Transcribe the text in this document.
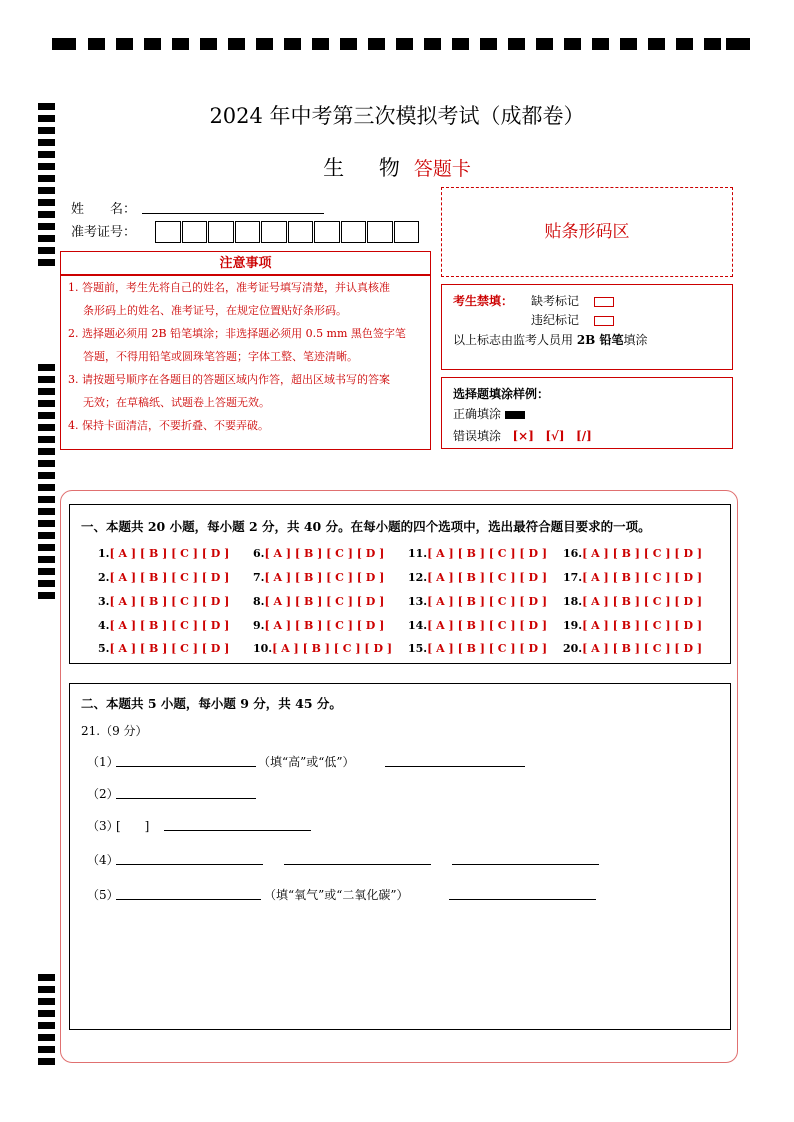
2024 年中考第三次模拟考试（成都卷）
生 物答题卡
姓　　名：
准考证号：
注意事项

1. 答题前，考生先将自己的姓名，准考证号填写清楚，并认真核准

条形码上的姓名、准考证号，在规定位置贴好条形码。

2. 选择题必须用 2B 铅笔填涂；非选择题必须用 0.5 mm 黑色签字笔

答题，不得用铅笔或圆珠笔答题；字体工整、笔迹清晰。

3. 请按题号顺序在各题目的答题区域内作答，超出区域书写的答案

无效；在草稿纸、试题卷上答题无效。

4. 保持卡面清洁，不要折叠、不要弄破。

贴条形码区
考生禁填： 缺考标记
违纪标记
以上标志由监考人员用 2B 铅笔填涂
选择题填涂样例：
正确填涂
错误填涂 [×] [√] [/]
一、本题共 20 小题，每小题 2 分，共 40 分。在每小题的四个选项中，选出最符合题目要求的一项。
1.[ A ] [ B ] [ C ] [ D ]
2.[ A ] [ B ] [ C ] [ D ]
3.[ A ] [ B ] [ C ] [ D ]
4.[ A ] [ B ] [ C ] [ D ]
5.[ A ] [ B ] [ C ] [ D ]
6.[ A ] [ B ] [ C ] [ D ]
7.[ A ] [ B ] [ C ] [ D ]
8.[ A ] [ B ] [ C ] [ D ]
9.[ A ] [ B ] [ C ] [ D ]
10.[ A ] [ B ] [ C ] [ D ]
11.[ A ] [ B ] [ C ] [ D ]
12.[ A ] [ B ] [ C ] [ D ]
13.[ A ] [ B ] [ C ] [ D ]
14.[ A ] [ B ] [ C ] [ D ]
15.[ A ] [ B ] [ C ] [ D ]
16.[ A ] [ B ] [ C ] [ D ]
17.[ A ] [ B ] [ C ] [ D ]
18.[ A ] [ B ] [ C ] [ D ]
19.[ A ] [ B ] [ C ] [ D ]
20.[ A ] [ B ] [ C ] [ D ]
二、本题共 5 小题，每小题 9 分，共 45 分。
21.（9 分）
（1）	（填“高”或“低”）
（2）
（3）
[　　]
（4）
（5）	（填“氧气”或“二氧化碳”）
